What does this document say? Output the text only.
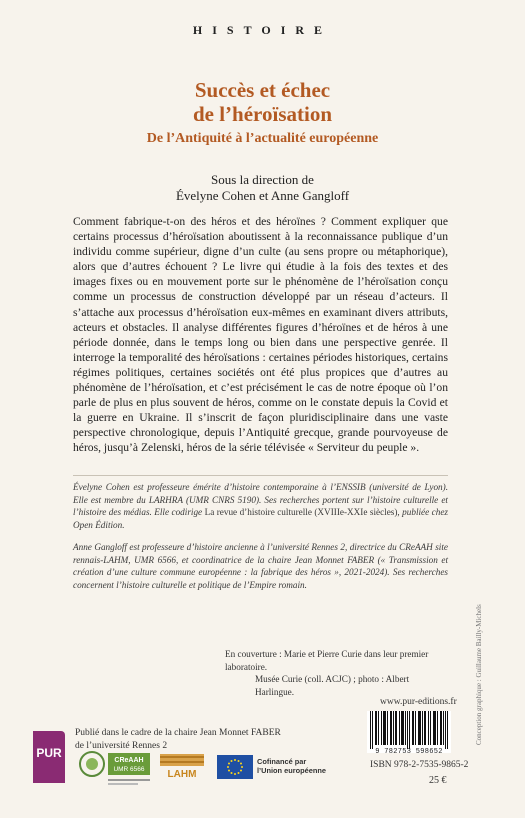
HISTOIRE
Succès et échec
de l’héroïsation
De l’Antiquité à l’actualité européenne
Sous la direction de
Évelyne Cohen et Anne Gangloff

Comment fabrique-t-on des héros et des héroïnes ? Comment expliquer que certains processus d’héroïsation aboutissent à la reconnaissance publique d’un individu comme supérieur, digne d’un culte (au sens propre ou métaphorique), alors que d’autres échouent ? Le livre qui étudie à la fois des textes et des images fixes ou en mouvement porte sur le phénomène de l’héroïsation conçu comme un processus de construction développé par un réseau d’acteurs. Il s’attache aux processus d’héroïsation eux-mêmes en examinant divers attributs, acteurs et obstacles. Il analyse différentes figures d’héroïnes et de héros à une période donnée, dans le temps long ou bien dans une perspective genrée. Il interroge la temporalité des héroïsations : certaines périodes historiques, certains régimes politiques, certaines sociétés ont été plus propices que d’autres au phénomène de l’héroïsation, et c’est précisément le cas de notre époque où l’on parle de plus en plus souvent de héros, comme on le constate depuis la Covid et la guerre en Ukraine. Il s’inscrit de façon pluridisciplinaire dans une vaste perspective chronologique, depuis l’Antiquité grecque, grande pourvoyeuse de héros, jusqu’à Zelenski, héros de la série télévisée « Serviteur du peuple ».

Évelyne Cohen est professeure émérite d’histoire contemporaine à l’ENSSIB (université de Lyon). Elle est membre du LARHRA (UMR CNRS 5190). Ses recherches portent sur l’histoire culturelle et l’histoire des médias. Elle codirige La revue d’histoire culturelle (XVIIIe-XXIe siècles), publiée chez Open Édition.

Anne Gangloff est professeure d’histoire ancienne à l’université Rennes 2, directrice du CReAAH site rennais-LAHM, UMR 6566, et coordinatrice de la chaire Jean Monnet FABER (« Transmission et création d’une culture commune européenne : la fabrique des héros », 2021-2024). Ses recherches concernent l’histoire culturelle et politique de l’Empire romain.

En couverture : Marie et Pierre Curie dans leur premier laboratoire.
Musée Curie (coll. ACJC) ; photo : Albert Harlingue.
www.pur-editions.fr
9 782753 598652
ISBN 978-2-7535-9865-2
25 €
Conception graphique : Guillaume Bailly-Michels
Publié dans le cadre de la chaire Jean Monnet FABER
de l’université Rennes 2
PUR
CReAAH
UMR 6566 LAHM
Cofinancé par
l’Union européenne
